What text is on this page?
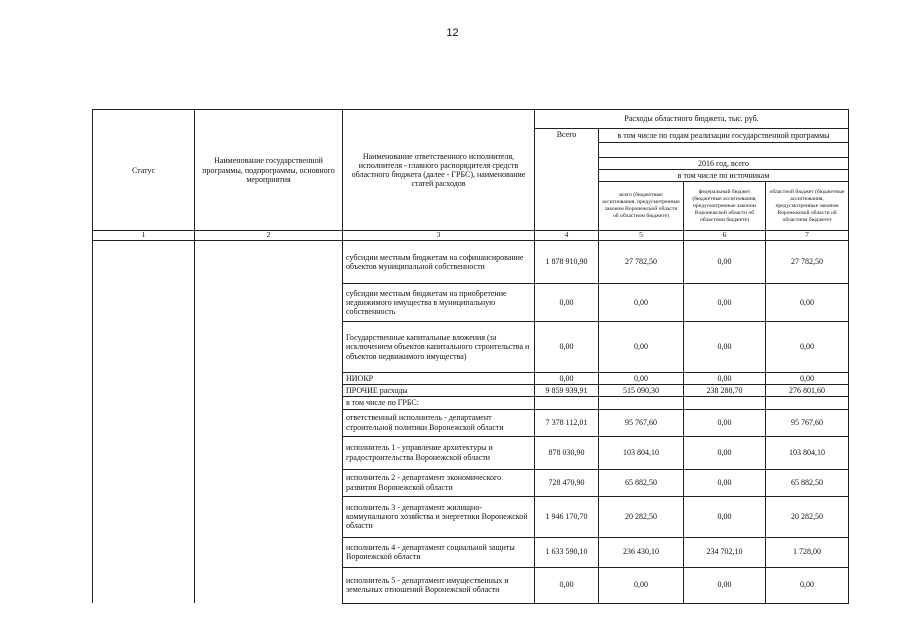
12
Статус	Наименование государственной программы, подпрограммы, основного мероприятия	Наименование ответственного исполнителя, исполнителя - главного распорядителя средств областного бюджета (далее - ГРБС), наименование статей расходов	Расходы областного бюджета, тыс. руб.			
			Всего	в том числе по годам реализации государственной программы		

				2016 год, всего		
				в том числе по источникам		
				всего (бюджетные ассигнования, предусмотренные законом Воронежской области об областном бюджете)	федеральный бюджет (бюджетные ассигнования, предусмотренные законом Воронежской области об областном бюджете)	областной бюджет (бюджетные ассигнования, предусмотренные законом Воронежской области об областном бюджете)
1	2	3	4	5	6	7
		субсидии местным бюджетам на софинансирование объектов муниципальной собственности	1 878 910,90	27 782,50	0,00	27 782,50
		субсидии местным бюджетам на приобретение недвижимого имущества в муниципальную собственность	0,00	0,00	0,00	0,00
		Государственные капитальные вложения (за исключением объектов капитального строительства и объектов недвижимого имущества)	0,00	0,00	0,00	0,00
		НИОКР	0,00	0,00	0,00	0,00
		ПРОЧИЕ расходы	9 859 939,91	515 090,30	238 288,70	276 801,60
		в том числе по ГРБС:				
		ответственный исполнитель - департамент строительной политики Воронежской области	7 378 112,01	95 767,60	0,00	95 767,60
		исполнитель 1 - управление архитектуры и градостроительства Воронежской области	878 030,90	103 804,10	0,00	103 804,10
		исполнитель 2 - департамент экономического развития Воронежской области	728 470,90	65 882,50	0,00	65 882,50
		исполнитель 3 - департамент жилищно-коммунального хозяйства и энергетики Воронежской области	1 946 170,70	20 282,50	0,00	20 282,50
		исполнитель 4 - департамент социальной защиты Воронежской области	1 633 590,10	236 430,10	234 702,10	1 728,00
		исполнитель 5 - департамент имущественных и земельных отношений Воронежской области	0,00	0,00	0,00	0,00
